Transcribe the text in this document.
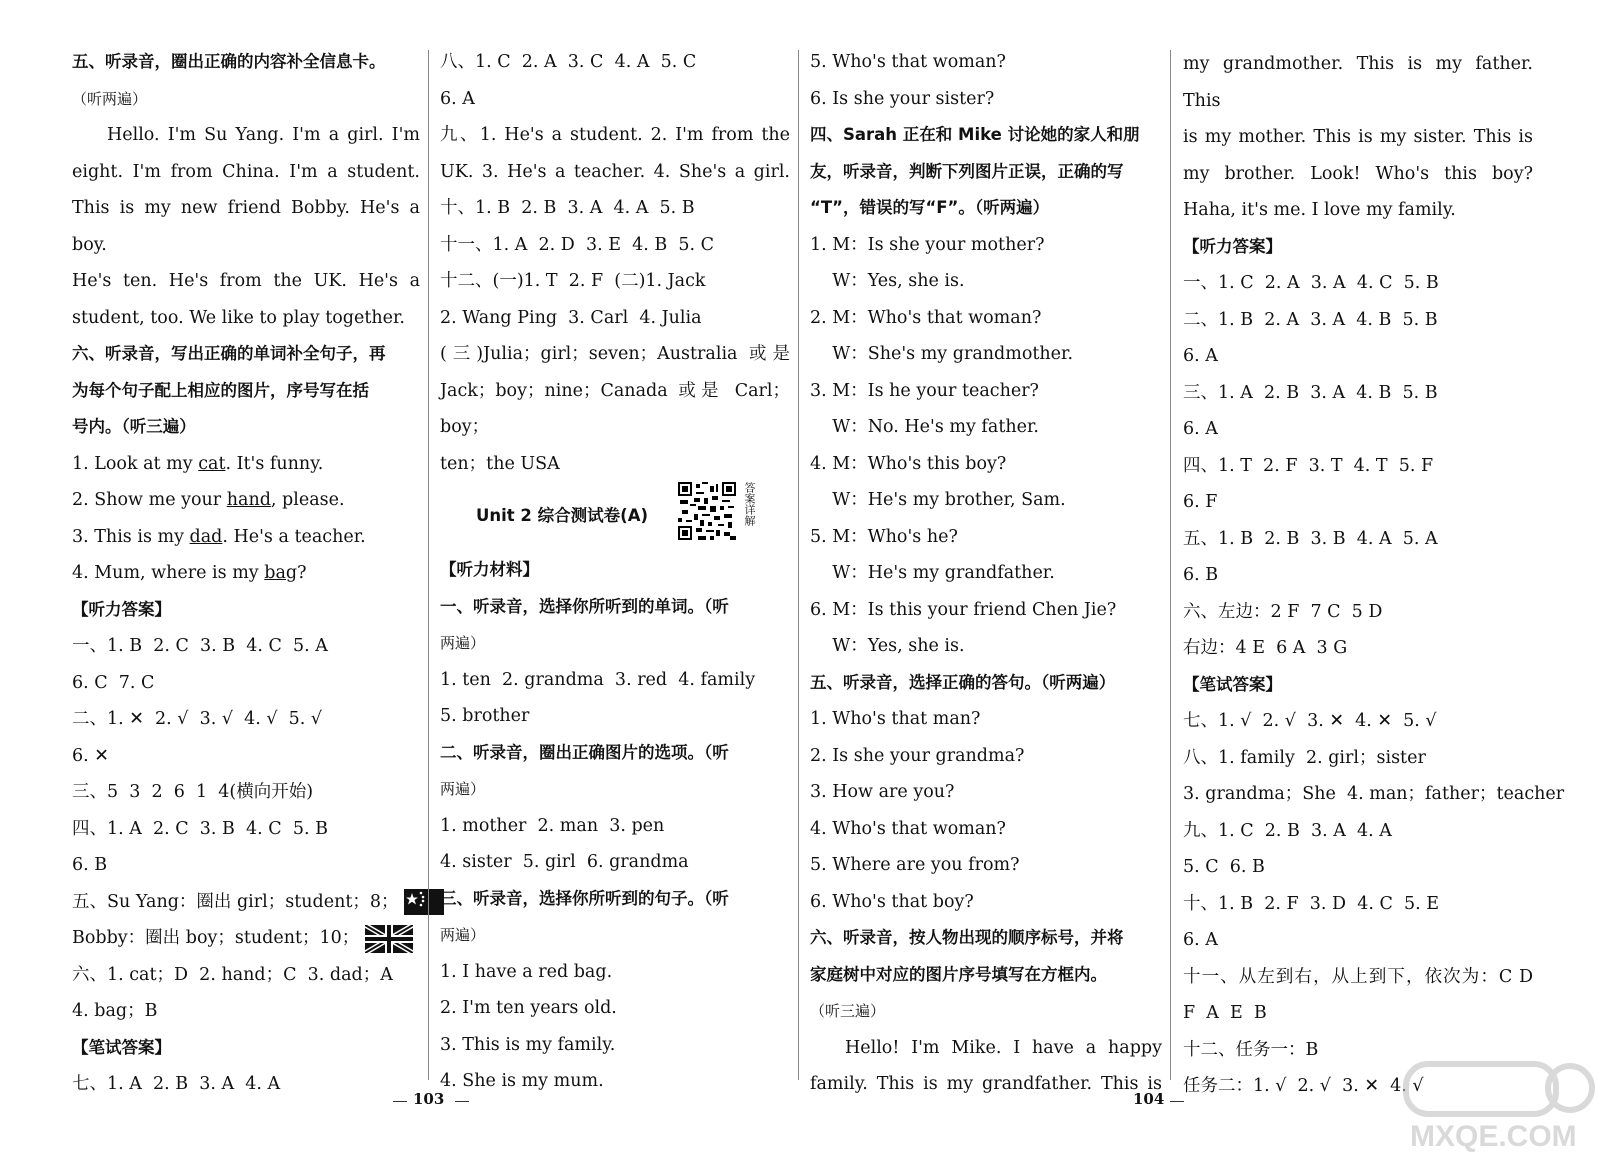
五、听录音，圈出正确的内容补全信息卡。
（听两遍）
Hello. I'm Su Yang. I'm a girl. I'm
eight. I'm from China. I'm a student.
This is my new friend Bobby. He's a boy.
He's ten. He's from the UK. He's a
student, too. We like to play together.
六、听录音，写出正确的单词补全句子，再
为每个句子配上相应的图片，序号写在括
号内。（听三遍）
1. Look at my cat. It's funny.
2. Show me your hand, please.
3. This is my dad. He's a teacher.
4. Mum, where is my bag?
【听力答案】
一、1. B  2. C  3. B  4. C  5. A
6. C  7. C
二、1. ✕  2. √  3. √  4. √  5. √
6. ✕
三、5  3  2  6  1  4(横向开始)
四、1. A  2. C  3. B  4. C  5. B
6. B
五、Su Yang：圈出 girl；student；8；
Bobby：圈出 boy；student；10；
六、1. cat；D  2. hand；C  3. dad；A
4. bag；B
【笔试答案】
七、1. A  2. B  3. A  4. A
八、1. C  2. A  3. C  4. A  5. C
6. A
九、1. He's a student. 2. I'm from the
UK. 3. He's a teacher. 4. She's a girl.
十、1. B  2. B  3. A  4. A  5. B
十一、1. A  2. D  3. E  4. B  5. C
十二、(一)1. T  2. F  (二)1. Jack
2. Wang Ping  3. Carl  4. Julia
(三)Julia；girl；seven；Australia 或是
Jack；boy；nine；Canada 或是 Carl；boy；
ten；the USA
Unit 2 综合测试卷(A)	答案详解
【听力材料】
一、听录音，选择你所听到的单词。（听
两遍）
1. ten  2. grandma  3. red  4. family
5. brother
二、听录音，圈出正确图片的选项。（听
两遍）
1. mother  2. man  3. pen
4. sister  5. girl  6. grandma
三、听录音，选择你所听到的句子。（听
两遍）
1. I have a red bag.
2. I'm ten years old.
3. This is my family.
4. She is my mum.
5. Who's that woman?
6. Is she your sister?
四、Sarah 正在和 Mike 讨论她的家人和朋
友，听录音，判断下列图片正误，正确的写
“T”，错误的写“F”。（听两遍）
1. M：Is she your mother?
W：Yes, she is.
2. M：Who's that woman?
W：She's my grandmother.
3. M：Is he your teacher?
W：No. He's my father.
4. M：Who's this boy?
W：He's my brother, Sam.
5. M：Who's he?
W：He's my grandfather.
6. M：Is this your friend Chen Jie?
W：Yes, she is.
五、听录音，选择正确的答句。（听两遍）
1. Who's that man?
2. Is she your grandma?
3. How are you?
4. Who's that woman?
5. Where are you from?
6. Who's that boy?
六、听录音，按人物出现的顺序标号，并将
家庭树中对应的图片序号填写在方框内。
（听三遍）
Hello! I'm Mike. I have a happy
family. This is my grandfather. This is
my grandmother. This is my father. This
is my mother. This is my sister. This is
my brother. Look! Who's this boy?
Haha, it's me. I love my family.
【听力答案】
一、1. C  2. A  3. A  4. C  5. B
二、1. B  2. A  3. A  4. B  5. B
6. A
三、1. A  2. B  3. A  4. B  5. B
6. A
四、1. T  2. F  3. T  4. T  5. F
6. F
五、1. B  2. B  3. B  4. A  5. A
6. B
六、左边：2 F  7 C  5 D
右边：4 E  6 A  3 G
【笔试答案】
七、1. √  2. √  3. ✕  4. ✕  5. √
八、1. family  2. girl；sister
3. grandma；She  4. man；father；teacher
九、1. C  2. B  3. A  4. A
5. C  6. B
十、1. B  2. F  3. D  4. C  5. E
6. A
十一、从左到右，从上到下，依次为：C D
F  A  E  B
十二、任务一：B
任务二：1. √  2. √  3. ✕  4. √
103	104
MXQE.COM
